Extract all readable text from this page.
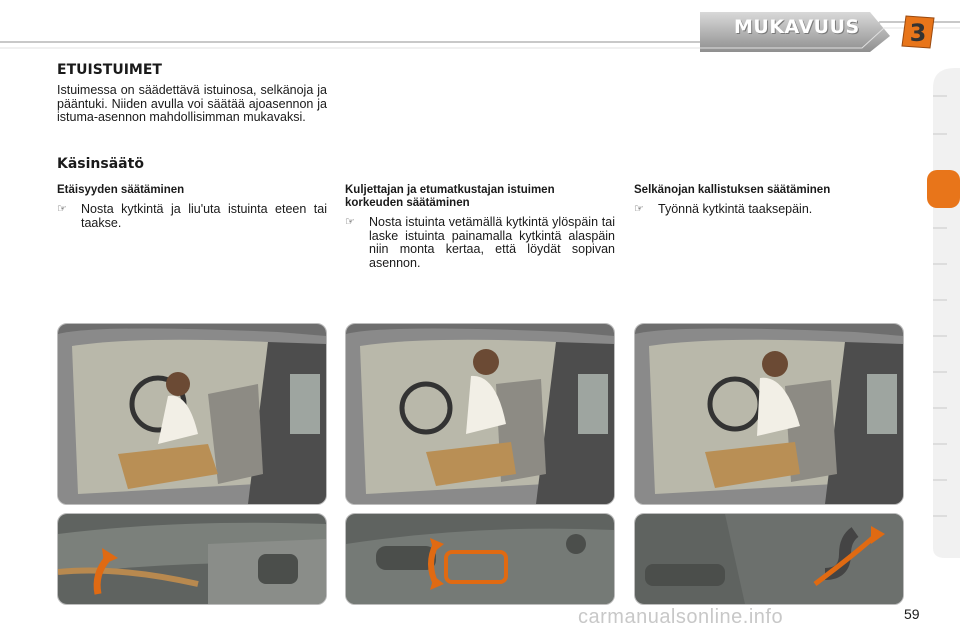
MUKAVUUS 3
ETUISTUIMET
Istuimessa on säädettävä istuinosa, selkänoja ja pääntuki. Niiden avulla voi säätää ajoasennon ja istuma-asennon mahdollisimman mukavaksi.
Käsinsäätö
Etäisyyden säätäminen
☞	Nosta kytkintä ja liu'uta istuinta eteen tai taakse.
Kuljettajan ja etumatkustajan istuimen korkeuden säätäminen
☞	Nosta istuinta vetämällä kytkintä ylöspäin tai laske istuinta painamalla kytkintä alaspäin niin monta kertaa, että löydät sopivan asennon.
Selkänojan kallistuksen säätäminen
☞	Työnnä kytkintä taaksepäin.
carmanualsonline.info	59
